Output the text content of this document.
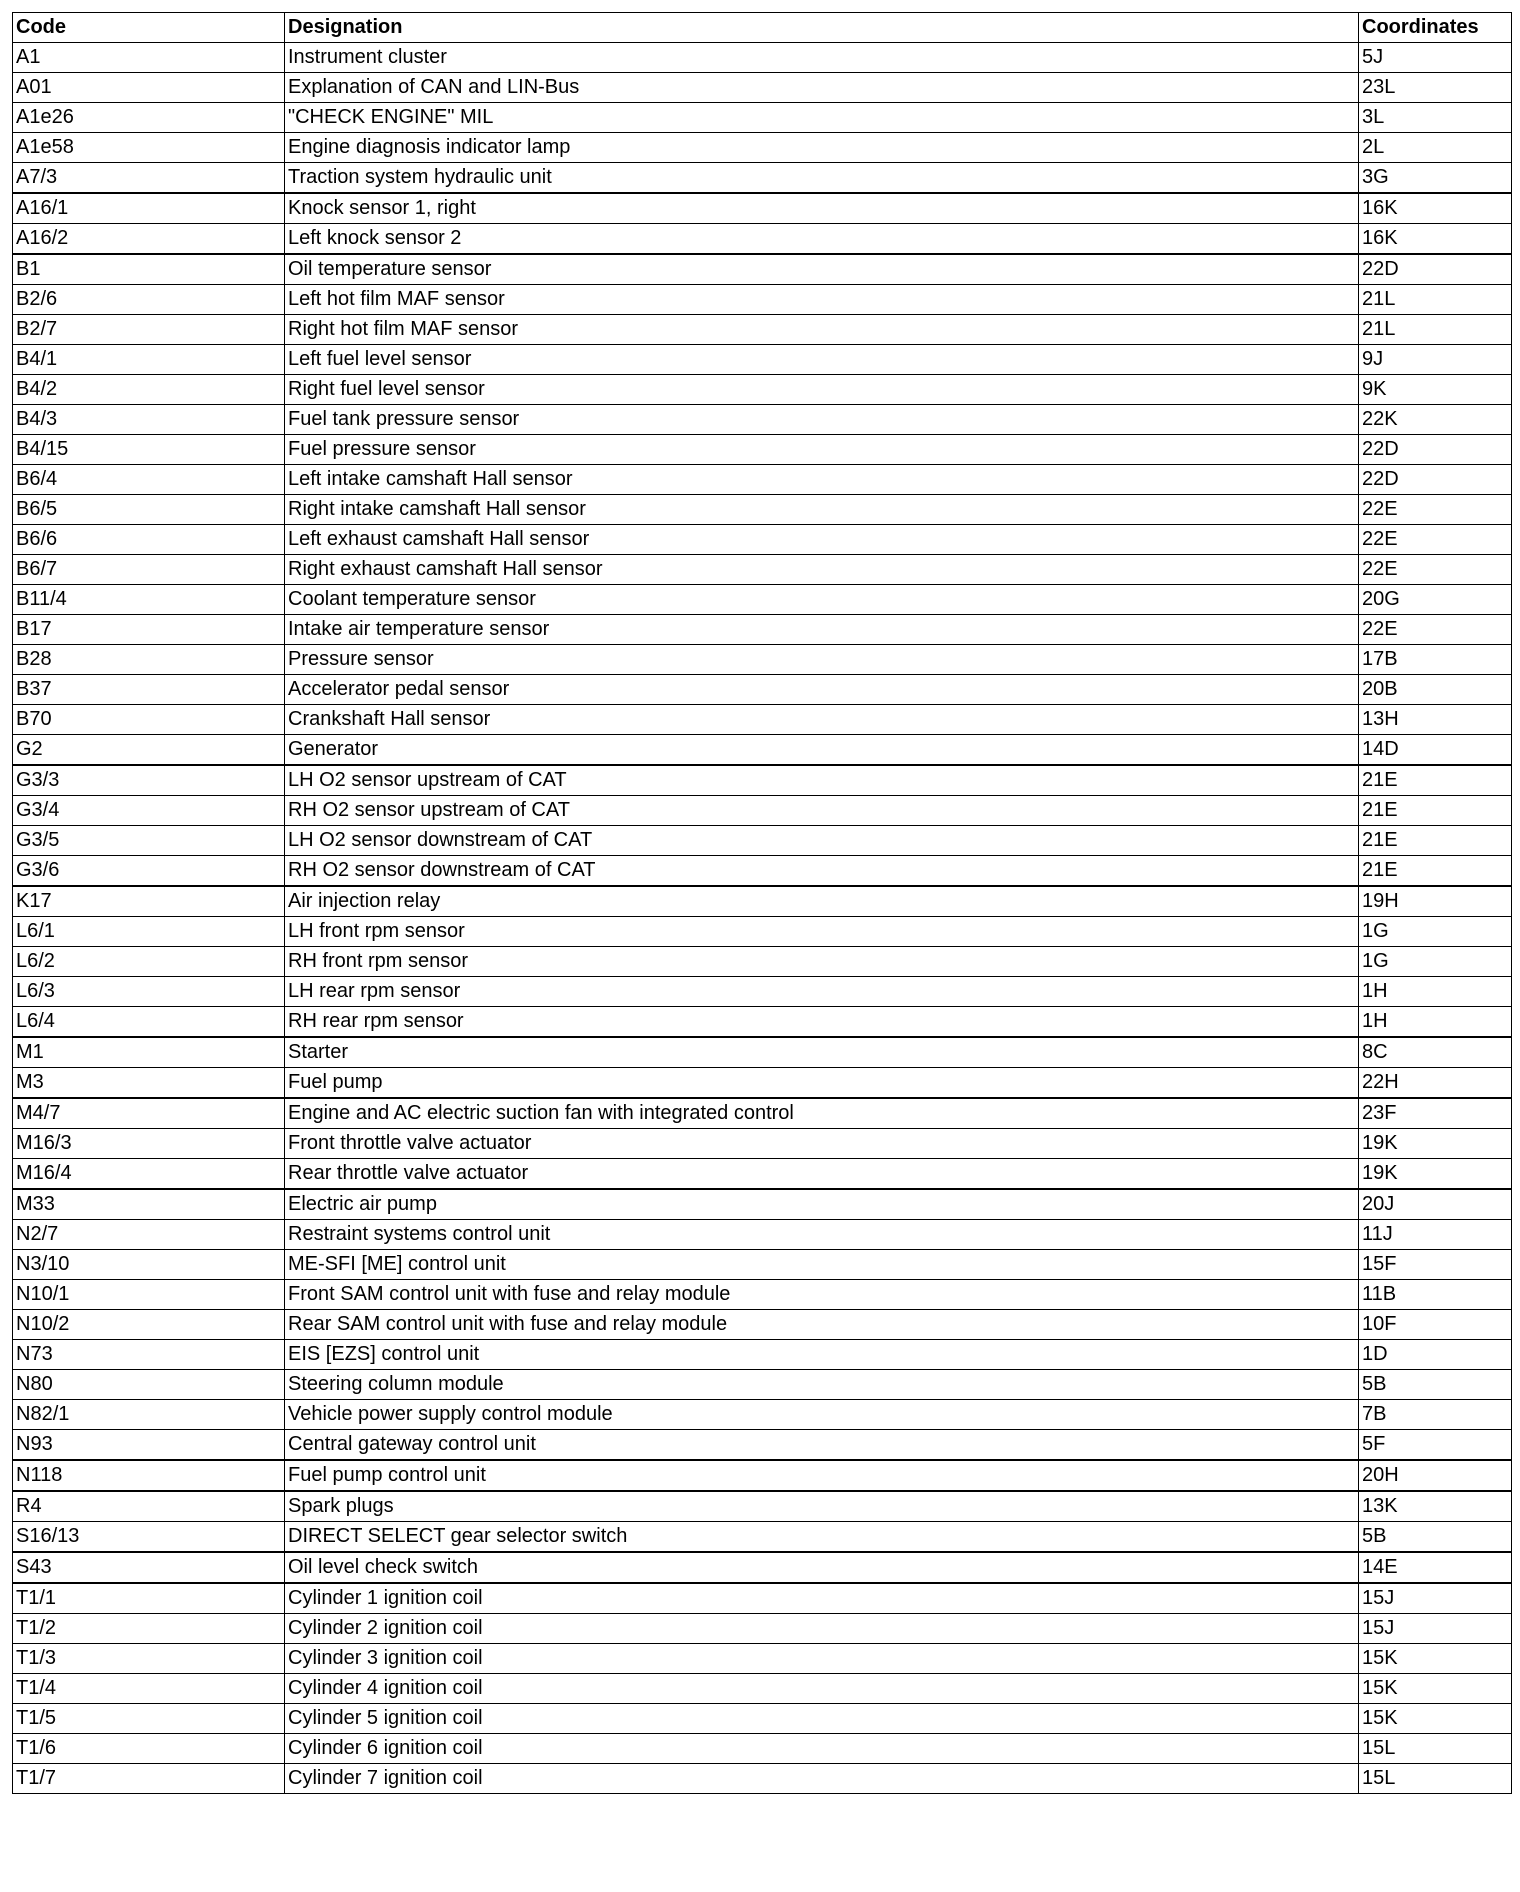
Code	Designation	Coordinates
A1	Instrument cluster	5J
A01	Explanation of CAN and LIN-Bus	23L
A1e26	"CHECK ENGINE" MIL	3L
A1e58	Engine diagnosis indicator lamp	2L
A7/3	Traction system hydraulic unit	3G
A16/1	Knock sensor 1, right	16K
A16/2	Left knock sensor 2	16K
B1	Oil temperature sensor	22D
B2/6	Left hot film MAF sensor	21L
B2/7	Right hot film MAF sensor	21L
B4/1	Left fuel level sensor	9J
B4/2	Right fuel level sensor	9K
B4/3	Fuel tank pressure sensor	22K
B4/15	Fuel pressure sensor	22D
B6/4	Left intake camshaft Hall sensor	22D
B6/5	Right intake camshaft Hall sensor	22E
B6/6	Left exhaust camshaft Hall sensor	22E
B6/7	Right exhaust camshaft Hall sensor	22E
B11/4	Coolant temperature sensor	20G
B17	Intake air temperature sensor	22E
B28	Pressure sensor	17B
B37	Accelerator pedal sensor	20B
B70	Crankshaft Hall sensor	13H
G2	Generator	14D
G3/3	LH O2 sensor upstream of CAT	21E
G3/4	RH O2 sensor upstream of CAT	21E
G3/5	LH O2 sensor downstream of CAT	21E
G3/6	RH O2 sensor downstream of CAT	21E
K17	Air injection relay	19H
L6/1	LH front rpm sensor	1G
L6/2	RH front rpm sensor	1G
L6/3	LH rear rpm sensor	1H
L6/4	RH rear rpm sensor	1H
M1	Starter	8C
M3	Fuel pump	22H
M4/7	Engine and AC electric suction fan with integrated control	23F
M16/3	Front throttle valve actuator	19K
M16/4	Rear throttle valve actuator	19K
M33	Electric air pump	20J
N2/7	Restraint systems control unit	11J
N3/10	ME-SFI [ME] control unit	15F
N10/1	Front SAM control unit with fuse and relay module	11B
N10/2	Rear SAM control unit with fuse and relay module	10F
N73	EIS [EZS] control unit	1D
N80	Steering column module	5B
N82/1	Vehicle power supply control module	7B
N93	Central gateway control unit	5F
N118	Fuel pump control unit	20H
R4	Spark plugs	13K
S16/13	DIRECT SELECT gear selector switch	5B
S43	Oil level check switch	14E
T1/1	Cylinder 1 ignition coil	15J
T1/2	Cylinder 2 ignition coil	15J
T1/3	Cylinder 3 ignition coil	15K
T1/4	Cylinder 4 ignition coil	15K
T1/5	Cylinder 5 ignition coil	15K
T1/6	Cylinder 6 ignition coil	15L
T1/7	Cylinder 7 ignition coil	15L
